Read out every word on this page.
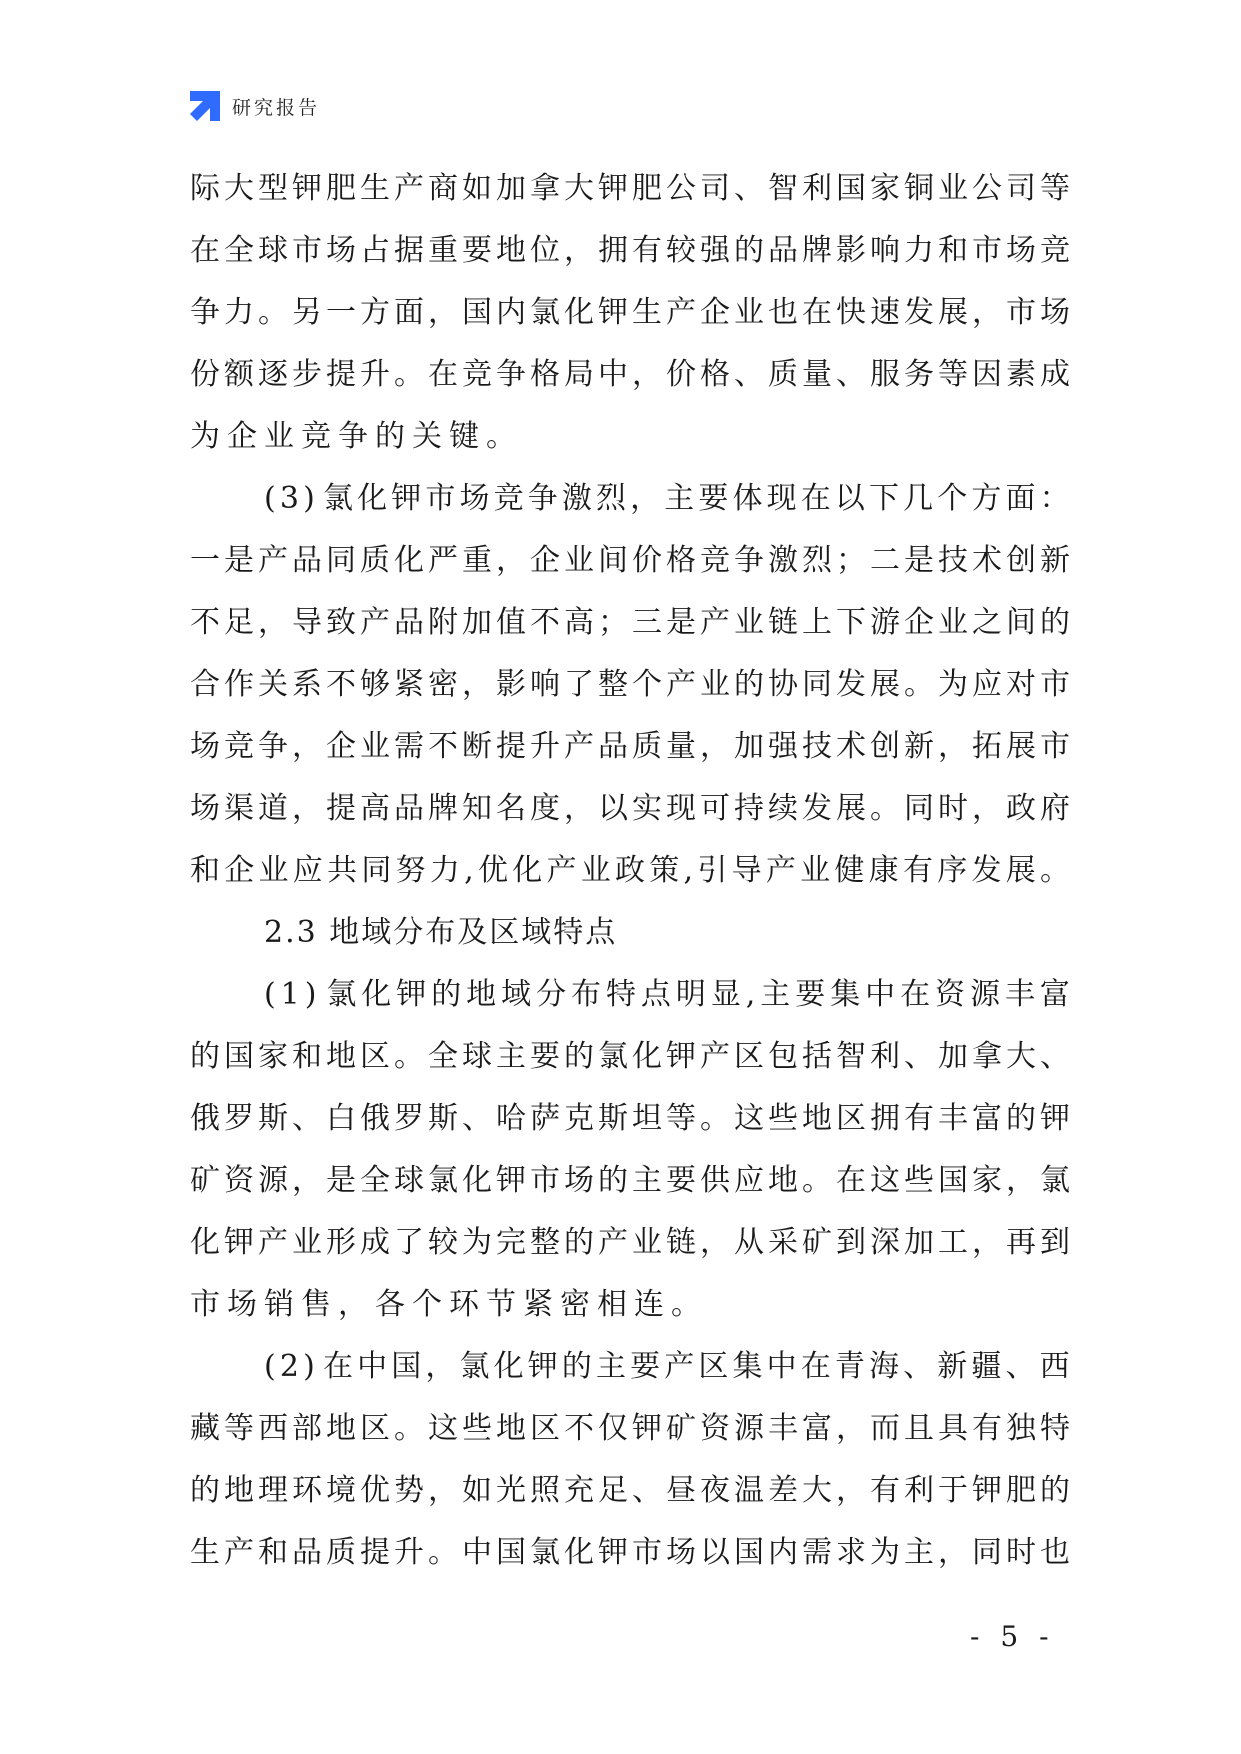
研究报告
际 大 型 钾 肥 生 产 商 如 加 拿 大 钾 肥 公 司 、 智 利 国 家 铜 业 公 司 等
在 全 球 市 场 占 据 重 要 地 位 ， 拥 有 较 强 的 品 牌 影 响 力 和 市 场 竞
争 力 。 另 一 方 面 ， 国 内 氯 化 钾 生 产 企 业 也 在 快 速 发 展 ， 市 场
份 额 逐 步 提 升 。 在 竞 争 格 局 中 ， 价 格 、 质 量 、 服 务 等 因 素 成
为企业竞争的关键。
( 3 ) 氯 化 钾 市 场 竞 争 激 烈 ， 主 要 体 现 在 以 下 几 个 方 面 ：
一 是 产 品 同 质 化 严 重 ， 企 业 间 价 格 竞 争 激 烈 ； 二 是 技 术 创 新
不 足 ， 导 致 产 品 附 加 值 不 高 ； 三 是 产 业 链 上 下 游 企 业 之 间 的
合 作 关 系 不 够 紧 密 ， 影 响 了 整 个 产 业 的 协 同 发 展 。 为 应 对 市
场 竞 争 ， 企 业 需 不 断 提 升 产 品 质 量 ， 加 强 技 术 创 新 ， 拓 展 市
场 渠 道 ， 提 高 品 牌 知 名 度 ， 以 实 现 可 持 续 发 展 。 同 时 ， 政 府
和 企 业 应 共 同 努 力 , 优 化 产 业 政 策 , 引 导 产 业 健 康 有 序 发 展 。
2.3 地域分布及区域特点
( 1 ) 氯 化 钾 的 地 域 分 布 特 点 明 显 , 主 要 集 中 在 资 源 丰 富
的 国 家 和 地 区 。 全 球 主 要 的 氯 化 钾 产 区 包 括 智 利 、 加 拿 大 、
俄 罗 斯 、 白 俄 罗 斯 、 哈 萨 克 斯 坦 等 。 这 些 地 区 拥 有 丰 富 的 钾
矿 资 源 ， 是 全 球 氯 化 钾 市 场 的 主 要 供 应 地 。 在 这 些 国 家 ， 氯
化 钾 产 业 形 成 了 较 为 完 整 的 产 业 链 ， 从 采 矿 到 深 加 工 ， 再 到
市场销售，各个环节紧密相连。
( 2 ) 在 中 国 ， 氯 化 钾 的 主 要 产 区 集 中 在 青 海 、 新 疆 、 西
藏 等 西 部 地 区 。 这 些 地 区 不 仅 钾 矿 资 源 丰 富 ， 而 且 具 有 独 特
的 地 理 环 境 优 势 ， 如 光 照 充 足 、 昼 夜 温 差 大 ， 有 利 于 钾 肥 的
生 产 和 品 质 提 升 。 中 国 氯 化 钾 市 场 以 国 内 需 求 为 主 ， 同 时 也
- 5 -
